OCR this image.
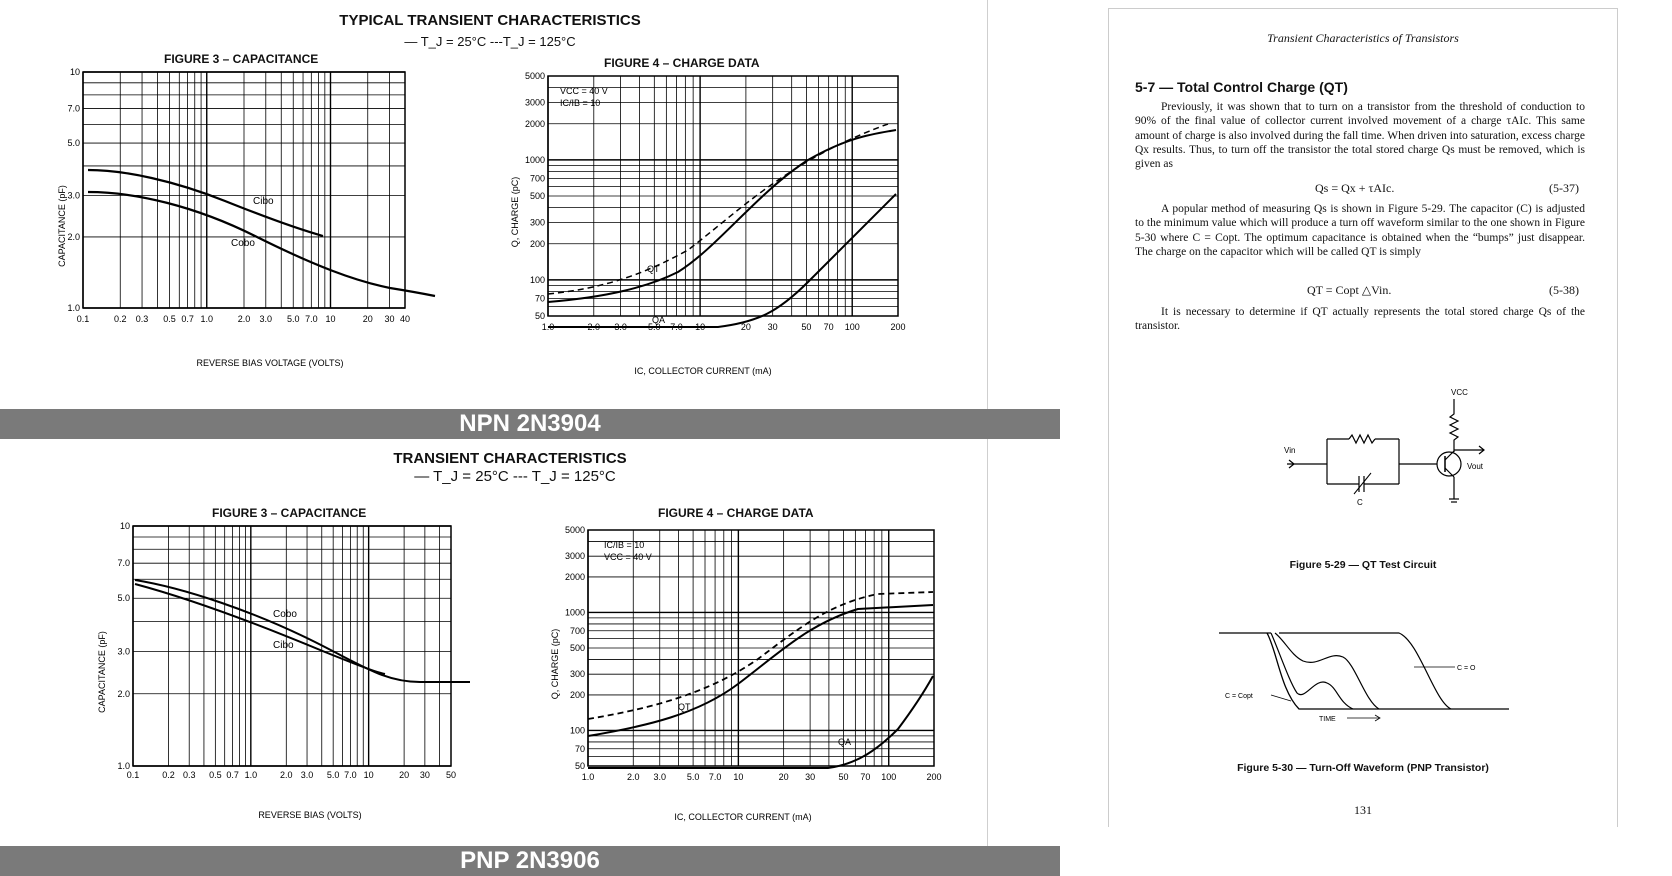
TYPICAL TRANSIENT CHARACTERISTICS
— T_J = 25°C ---T_J = 125°C
FIGURE 3 – CAPACITANCE	FIGURE 4 – CHARGE DATA
0.1	0.2 0.3 0.5 0.7 1.0	2.0 3.0 5.0 7.0 10	20 30 40
10
7.0
5.0
3.0
2.0
1.0
CAPACITANCE (pF)
REVERSE BIAS VOLTAGE (VOLTS)
Cibo
Cobo
1.0	2.0 3.0 5.0 7.0 10	20 30	50 70 100	200
5000
3000
2000
1000
700
500
300
200
100
70
50
Q, CHARGE (pC)
IC, COLLECTOR CURRENT (mA)
VCC = 40 V
IC/IB = 10
QT
QA
NPN 2N3904
TRANSIENT CHARACTERISTICS
— T_J = 25°C --- T_J = 125°C
FIGURE 3 – CAPACITANCE	FIGURE 4 – CHARGE DATA
0.1	0.2 0.3 0.5 0.7 1.0	2.0 3.0 5.0 7.0 10	20 30 50
10
7.0
5.0
3.0
2.0
1.0
CAPACITANCE (pF)
REVERSE BIAS (VOLTS)
Cobo
Cibo
1.0	2.0 3.0 5.0 7.0 10	20 30	50 70 100	200
5000
3000
2000
1000
700
500
300
200
100
70
50
Q, CHARGE (pC)
IC, COLLECTOR CURRENT (mA)
IC/IB = 10
VCC = 40 V
QT
QA
PNP 2N3906
Transient Characteristics of Transistors
5-7 — Total Control Charge (QT)
Previously, it was shown that to turn on a transistor from the threshold of conduction to 90% of the final value of collector current involved movement of a charge τAIc. This same amount of charge is also involved during the fall time. When driven into saturation, excess charge Qx results. Thus, to turn off the transistor the total stored charge Qs must be removed, which is given as
Qs = Qx + τAIc.	(5-37)
A popular method of measuring Qs is shown in Figure 5-29. The capacitor (C) is adjusted to the minimum value which will produce a turn off waveform similar to the one shown in Figure 5-30 where C = Copt. The optimum capacitance is obtained when the “bumps” just disappear. The charge on the capacitor which will be called QT is simply
QT = Copt △Vin.	(5-38)
It is necessary to determine if QT actually represents the total stored charge Qs of the transistor.
VCC
Vout
Vin
C
Figure 5-29 — QT Test Circuit
C = O
C = Copt
TIME
Figure 5-30 — Turn-Off Waveform (PNP Transistor)
131
